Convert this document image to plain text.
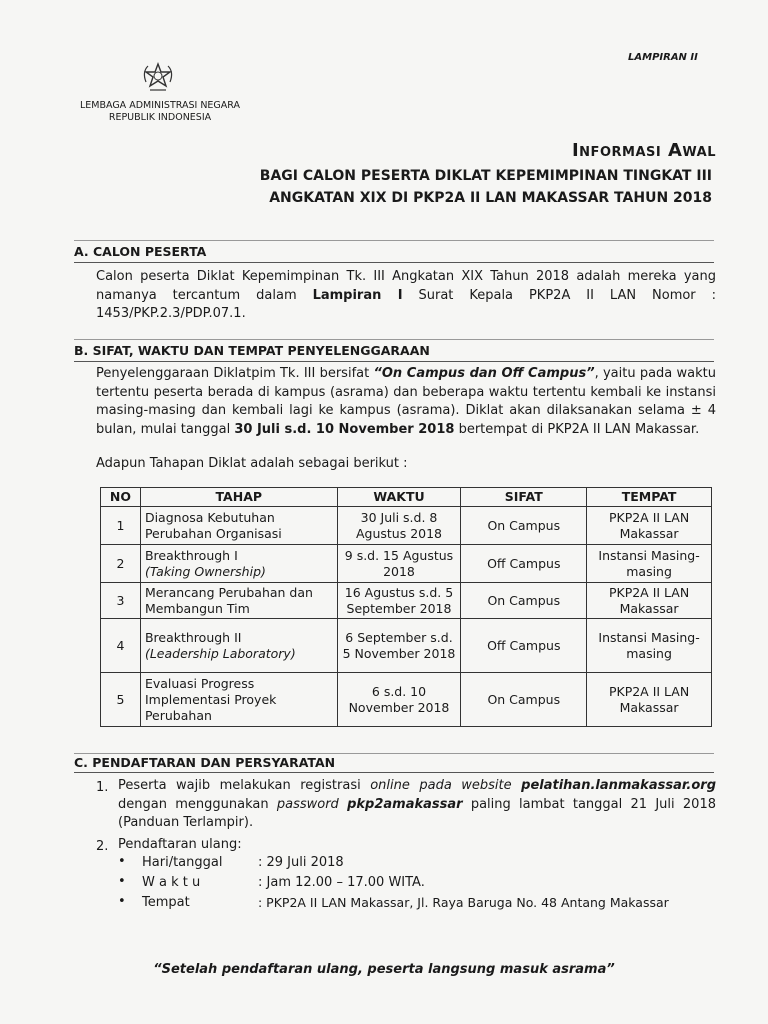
LAMPIRAN II
LEMBAGA ADMINISTRASI NEGARA
REPUBLIK INDONESIA
Informasi Awal
BAGI CALON PESERTA DIKLAT KEPEMIMPINAN TINGKAT III
ANGKATAN XIX DI PKP2A II LAN MAKASSAR TAHUN 2018
A. CALON PESERTA
Calon peserta Diklat Kepemimpinan Tk. III Angkatan XIX Tahun 2018 adalah mereka yang namanya tercantum dalam Lampiran I Surat Kepala PKP2A II LAN Nomor : 1453/PKP.2.3/PDP.07.1.
B. SIFAT, WAKTU DAN TEMPAT PENYELENGGARAAN
Penyelenggaraan Diklatpim Tk. III bersifat “On Campus dan Off Campus”, yaitu pada waktu tertentu peserta berada di kampus (asrama) dan beberapa waktu tertentu kembali ke instansi masing-masing dan kembali lagi ke kampus (asrama). Diklat akan dilaksanakan selama ± 4 bulan, mulai tanggal 30 Juli s.d. 10 November 2018 bertempat di PKP2A II LAN Makassar.
Adapun Tahapan Diklat adalah sebagai berikut :
NO	TAHAP	WAKTU	SIFAT	TEMPAT
1	Diagnosa Kebutuhan Perubahan Organisasi	30 Juli s.d. 8 Agustus 2018	On Campus	PKP2A II LAN Makassar
2	Breakthrough I
(Taking Ownership)	9 s.d. 15 Agustus 2018	Off Campus	Instansi Masing-masing
3	Merancang Perubahan dan Membangun Tim	16 Agustus s.d. 5 September 2018	On Campus	PKP2A II LAN Makassar
4	Breakthrough II
(Leadership Laboratory)	6 September s.d. 5 November 2018	Off Campus	Instansi Masing-masing
5	Evaluasi Progress Implementasi Proyek Perubahan	6 s.d. 10 November 2018	On Campus	PKP2A II LAN Makassar
C. PENDAFTARAN DAN PERSYARATAN
1. Peserta wajib melakukan registrasi online pada website pelatihan.lanmakassar.org dengan menggunakan password pkp2amakassar paling lambat tanggal 21 Juli 2018 (Panduan Terlampir).
2. Pendaftaran ulang:
• Hari/tanggal	: 29 Juli 2018
• W a k t u	: Jam 12.00 – 17.00 WITA.
• Tempat	: PKP2A II LAN Makassar, Jl. Raya Baruga No. 48 Antang Makassar
“Setelah pendaftaran ulang, peserta langsung masuk asrama”
